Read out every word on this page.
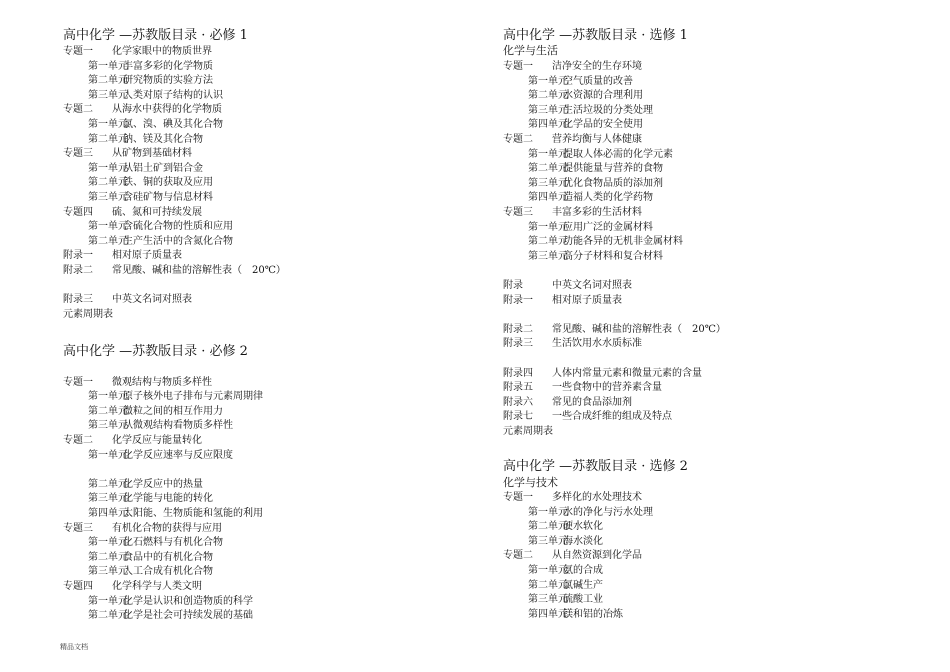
高中化学 —苏教版目录 · 必修 1
专题一 化学家眼中的物质世界
第一单元
丰富多彩的化学物质
第二单元
研究物质的实验方法
第三单元
人类对原子结构的认识
专题二 从海水中获得的化学物质
第一单元
氯、溴、碘及其化合物
第二单元
钠、镁及其化合物
专题三 从矿物到基础材料
第一单元
从铝土矿到铝合金
第二单元
铁、铜的获取及应用
第三单元
含硅矿物与信息材料
专题四 硫、氮和可持续发展
第一单元
含硫化合物的性质和应用
第二单元
生产生活中的含氮化合物
附录一 相对原子质量表
附录二 常见酸、碱和盐的溶解性表（　20℃）
附录三 中英文名词对照表
元素周期表
高中化学 —苏教版目录 · 必修 2
专题一 微观结构与物质多样性
第一单元
原子核外电子排布与元素周期律
第二单元
微粒之间的相互作用力
第三单元
从微观结构看物质多样性
专题二 化学反应与能量转化
第一单元
化学反应速率与反应限度
第二单元
化学反应中的热量
第三单元
化学能与电能的转化
第四单元
太阳能、生物质能和氢能的利用
专题三 有机化合物的获得与应用
第一单元
化石燃料与有机化合物
第二单元
食品中的有机化合物
第三单元
人工合成有机化合物
专题四 化学科学与人类文明
第一单元
化学是认识和创造物质的科学
第二单元
化学是社会可持续发展的基础
高中化学 —苏教版目录 · 选修 1
化学与生活
专题一 洁净安全的生存环境
第一单元
空气质量的改善
第二单元
水资源的合理利用
第三单元
生活垃圾的分类处理
第四单元
化学品的安全使用
专题二 营养均衡与人体健康
第一单元
提取人体必需的化学元素
第二单元
提供能量与营养的食物
第三单元
优化食物品质的添加剂
第四单元
造福人类的化学药物
专题三 丰富多彩的生活材料
第一单元
应用广泛的金属材料
第二单元
功能各异的无机非金属材料
第三单元
高分子材料和复合材料
附录	中英文名词对照表
附录一 相对原子质量表
附录二 常见酸、碱和盐的溶解性表（　20℃）
附录三 生活饮用水水质标准
附录四 人体内常量元素和微量元素的含量
附录五 一些食物中的营养素含量
附录六 常见的食品添加剂
附录七 一些合成纤维的组成及特点
元素周期表
高中化学 —苏教版目录 · 选修 2
化学与技术
专题一 多样化的水处理技术
第一单元
水的净化与污水处理
第二单元
硬水软化
第三单元
海水淡化
专题二 从自然资源到化学品
第一单元
氨的合成
第二单元
氯碱生产
第三单元
硫酸工业
第四单元
镁和铝的冶炼
精品文档
